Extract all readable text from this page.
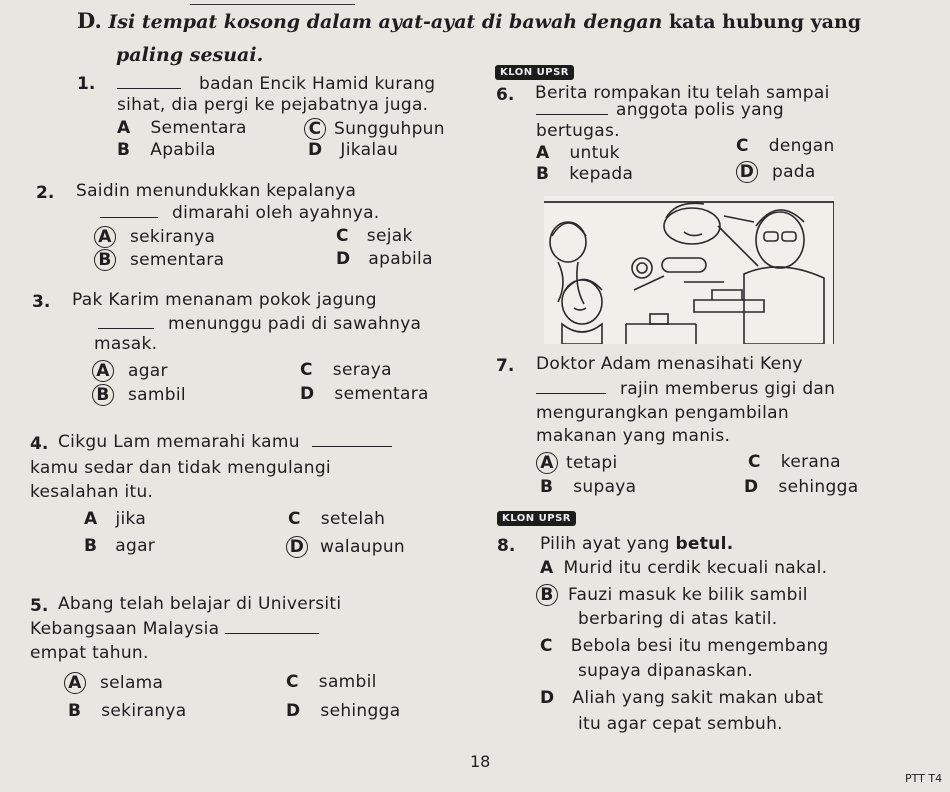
D. Isi tempat kosong dalam ayat-ayat di bawah dengan kata hubung yang
paling sesuai.
1.	badan Encik Hamid kurang
sihat, dia pergi ke pejabatnya juga.
A Sementara	C Sungguhpun
B Apabila	D Jikalau
2. Saidin menundukkan kepalanya
dimarahi oleh ayahnya.
A sekiranya	C sejak
B sementara	D apabila
3. Pak Karim menanam pokok jagung
menunggu padi di sawahnya
masak.
A agar	C seraya
B sambil	D sementara
4. Cikgu Lam memarahi kamu
kamu sedar dan tidak mengulangi
kesalahan itu.
A jika	C setelah
B agar	D walaupun
5. Abang telah belajar di Universiti
Kebangsaan Malaysia
empat tahun.
A selama	C sambil
B sekiranya	D sehingga
KLON UPSR
6. Berita rompakan itu telah sampai
anggota polis yang
bertugas.
A untuk	C dengan
B kepada	D pada
7. Doktor Adam menasihati Keny
rajin memberus gigi dan
mengurangkan pengambilan
makanan yang manis.
A tetapi	C kerana
B supaya	D sehingga
KLON UPSR
8. Pilih ayat yang betul.
A Murid itu cerdik kecuali nakal.
B Fauzi masuk ke bilik sambil
berbaring di atas katil.
C Bebola besi itu mengembang
supaya dipanaskan.
D Aliah yang sakit makan ubat
itu agar cepat sembuh.
18
PTT T4
